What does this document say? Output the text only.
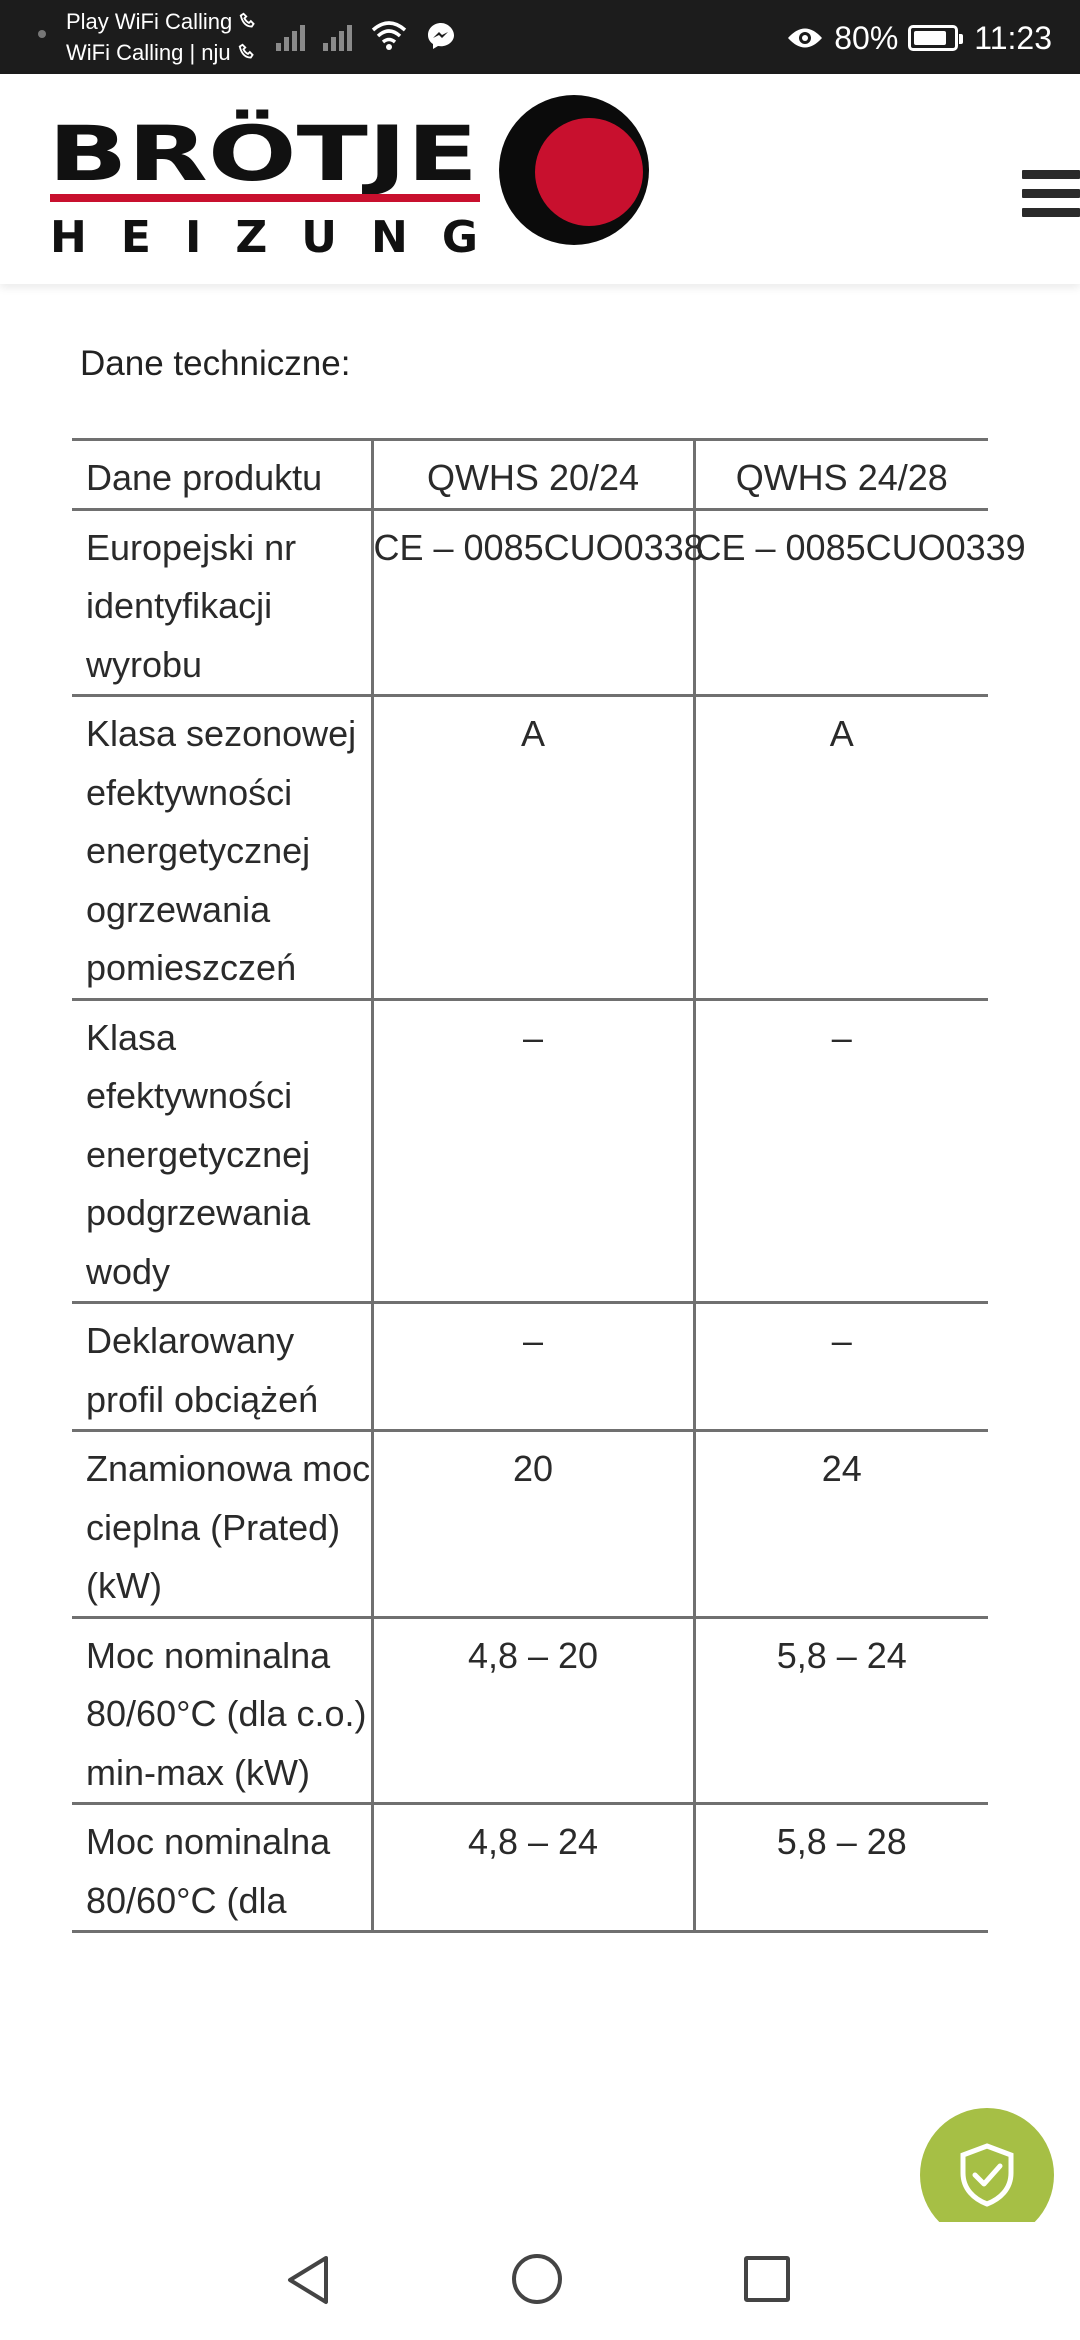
Play WiFi Calling
WiFi Calling | nju	80% 11:23
BRÖTJE
HEIZUNG
Dane techniczne:
Dane produktu	QWHS 20/24	QWHS 24/28
Europejski nr identyfikacji wyrobu	CE – 0085CUO0338	CE – 0085CUO0339
Klasa sezonowej efektywności energetycznej ogrzewania pomieszczeń	A	A
Klasa efektywności energetycznej podgrzewania wody	–	–
Deklarowany profil obciążeń	–	–
Znamionowa moc cieplna (Prated) (kW)	20	24
Moc nominalna 80/60°C (dla c.o.) min-max (kW)	4,8 – 20	5,8 – 24
Moc nominalna 80/60°C (dla	4,8 – 24	5,8 – 28
